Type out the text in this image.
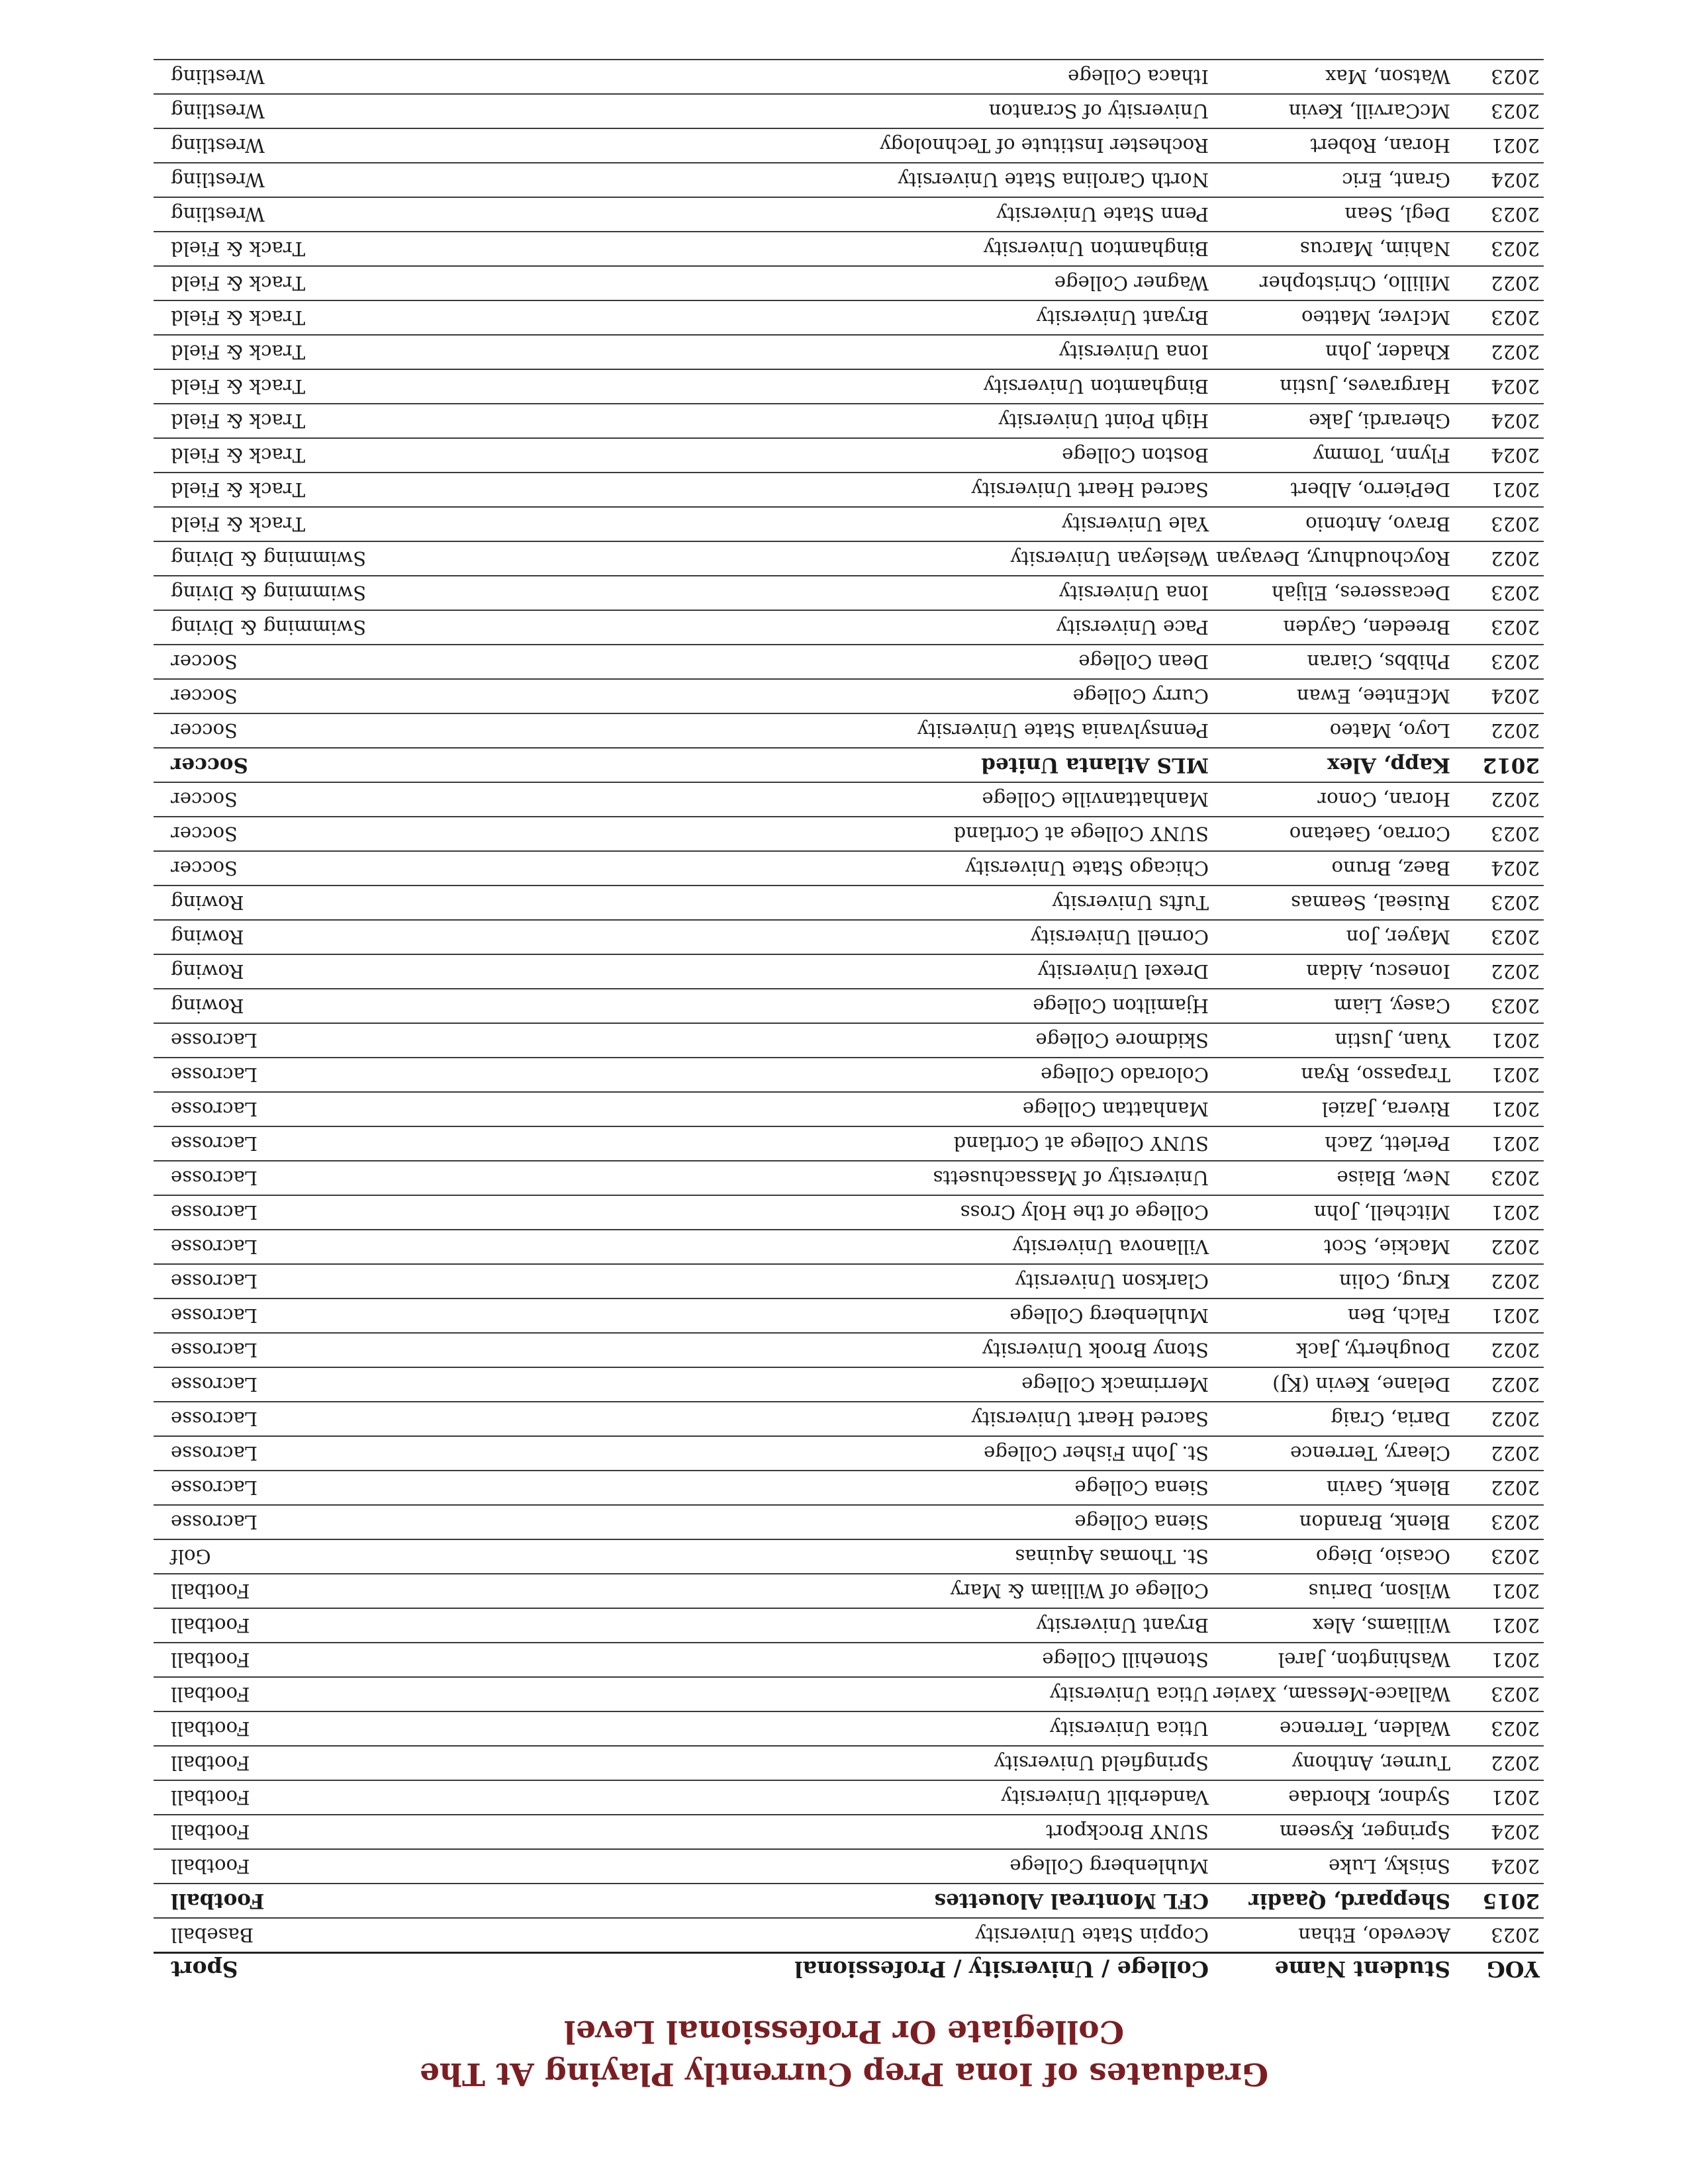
Graduates of Iona Prep Currently Playing At The
Collegiate Or Professional Level
YOG	Student Name	College / University / Professional	Sport
2023	Acevedo, Ethan	Coppin State University	Baseball
2015	Sheppard, Qaadir	CFL Montreal Alouettes	Football
2024	Snisky, Luke	Muhlenberg College	Football
2024	Springer, Kyseem	SUNY Brockport	Football
2021	Sydnor, Khordae	Vanderbilt University	Football
2022	Turner, Anthony	Springfield University	Football
2023	Walden, Terrence	Utica University	Football
2023	Wallace-Messam, Xavier	Utica University	Football
2021	Washington, Jarel	Stonehill College	Football
2021	Williams, Alex	Bryant University	Football
2021	Wilson, Darius	College of William & Mary	Football
2023	Ocasio, Diego	St. Thomas Aquinas	Golf
2023	Blenk, Brandon	Siena College	Lacrosse
2022	Blenk, Gavin	Siena College	Lacrosse
2022	Cleary, Terrence	St. John Fisher College	Lacrosse
2022	Daria, Craig	Sacred Heart University	Lacrosse
2022	Delane, Kevin (KJ)	Merrimack College	Lacrosse
2022	Dougherty, Jack	Stony Brook University	Lacrosse
2021	Falch, Ben	Muhlenberg College	Lacrosse
2022	Krug, Colin	Clarkson University	Lacrosse
2022	Mackie, Scot	Villanova University	Lacrosse
2021	Mitchell, John	College of the Holy Cross	Lacrosse
2023	New, Blaise	University of Massachusetts	Lacrosse
2021	Perlett, Zach	SUNY College at Cortland	Lacrosse
2021	Rivera, Jaziel	Manhattan College	Lacrosse
2021	Trapasso, Ryan	Colorado College	Lacrosse
2021	Yuan, Justin	Skidmore College	Lacrosse
2023	Casey, Liam	Hjamilton College	Rowing
2022	Ionescu, Aidan	Drexel University	Rowing
2023	Mayer, Jon	Cornell University	Rowing
2023	Ruiseal, Seamas	Tufts University	Rowing
2024	Baez, Bruno	Chicago State University	Soccer
2023	Corrao, Gaetano	SUNY College at Cortland	Soccer
2022	Horan, Conor	Manhattanville College	Soccer
2012	Kapp, Alex	MLS Atlanta United	Soccer
2022	Loyo, Mateo	Pennsylvania State University	Soccer
2024	McEntee, Ewan	Curry College	Soccer
2023	Phibbs, Ciaran	Dean College	Soccer
2023	Breeden, Cayden	Pace University	Swimming & Diving
2023	Decasseres, Elijah	Iona University	Swimming & Diving
2022	Roychoudhury, Devayan	Wesleyan University	Swimming & Diving
2023	Bravo, Antonio	Yale University	Track & Field
2021	DePierro, Albert	Sacred Heart University	Track & Field
2024	Flynn, Tommy	Boston College	Track & Field
2024	Gherardi, Jake	High Point University	Track & Field
2024	Hargraves, Justin	Binghamton University	Track & Field
2022	Khader, John	Iona University	Track & Field
2023	McIver, Matteo	Bryant University	Track & Field
2022	Milillo, Christopher	Wagner College	Track & Field
2023	Nahim, Marcus	Binghamton University	Track & Field
2023	Degl, Sean	Penn State University	Wrestling
2024	Grant, Eric	North Carolina State University	Wrestling
2021	Horan, Robert	Rochester Institute of Technology	Wrestling
2023	McCarvill, Kevin	University of Scranton	Wrestling
2023	Watson, Max	Ithaca College	Wrestling
